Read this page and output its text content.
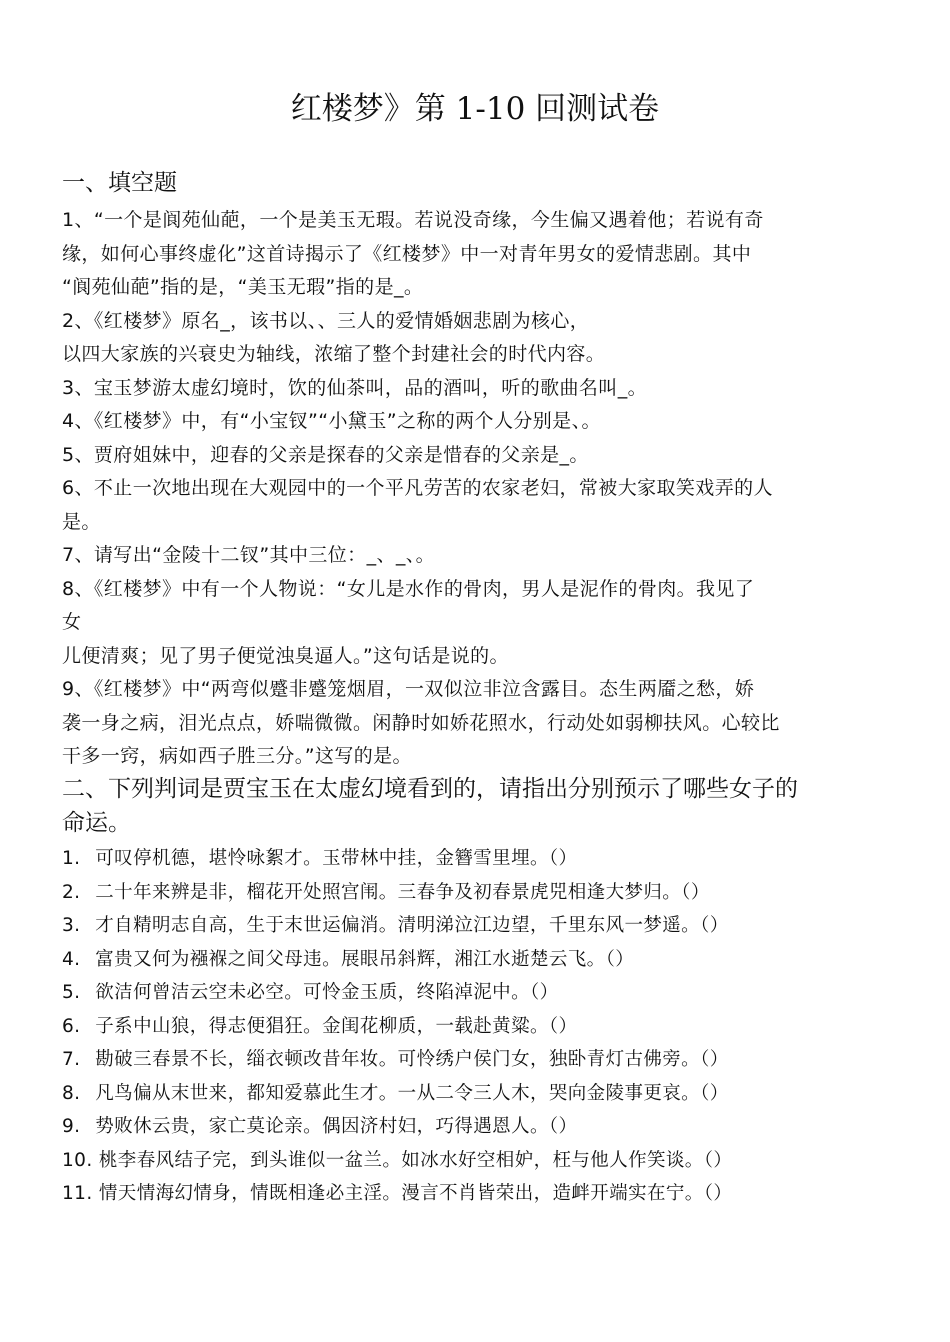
红楼梦》第 1-10 回测试卷
一、填空题

1、“一个是阆苑仙葩，一个是美玉无瑕。若说没奇缘，今生偏又遇着他；若说有奇

缘，如何心事终虚化”这首诗揭示了《红楼梦》中一对青年男女的爱情悲剧。其中

“阆苑仙葩”指的是，“美玉无瑕”指的是_。

2、《红楼梦》原名_，该书以、、三人的爱情婚姻悲剧为核心，

以四大家族的兴衰史为轴线，浓缩了整个封建社会的时代内容。

3、宝玉梦游太虚幻境时，饮的仙茶叫，品的酒叫，听的歌曲名叫_。

4、《红楼梦》中，有“小宝钗”“小黛玉”之称的两个人分别是、。

5、贾府姐妹中，迎春的父亲是探春的父亲是惜春的父亲是_。

6、不止一次地出现在大观园中的一个平凡劳苦的农家老妇，常被大家取笑戏弄的人

是。

7、请写出“金陵十二钗”其中三位：_、_、。

8、《红楼梦》中有一个人物说：“女儿是水作的骨肉，男人是泥作的骨肉。我见了

女

儿便清爽；见了男子便觉浊臭逼人。”这句话是说的。

9、《红楼梦》中“两弯似蹙非蹙笼烟眉，一双似泣非泣含露目。态生两靥之愁，娇

袭一身之病，泪光点点，娇喘微微。闲静时如娇花照水，行动处如弱柳扶风。心较比

干多一窍，病如西子胜三分。”这写的是。

二、下列判词是贾宝玉在太虚幻境看到的，请指出分别预示了哪些女子的
命运。
1. 可叹停机德，堪怜咏絮才。玉带林中挂，金簪雪里埋。（）
2. 二十年来辨是非，榴花开处照宫闱。三春争及初春景虎兕相逢大梦归。（）
3. 才自精明志自高，生于末世运偏消。清明涕泣江边望，千里东风一梦遥。（）
4. 富贵又何为襁褓之间父母违。展眼吊斜辉，湘江水逝楚云飞。（）
5. 欲洁何曾洁云空未必空。可怜金玉质，终陷淖泥中。（）
6. 子系中山狼，得志便猖狂。金闺花柳质，一载赴黄粱。（）
7. 勘破三春景不长，缁衣顿改昔年妆。可怜绣户侯门女，独卧青灯古佛旁。（）
8. 凡鸟偏从末世来，都知爱慕此生才。一从二令三人木，哭向金陵事更哀。（）
9. 势败休云贵，家亡莫论亲。偶因济村妇，巧得遇恩人。（）
10. 桃李春风结子完，到头谁似一盆兰。如冰水好空相妒，枉与他人作笑谈。（）
11. 情天情海幻情身，情既相逢必主淫。漫言不肖皆荣出，造衅开端实在宁。（）
